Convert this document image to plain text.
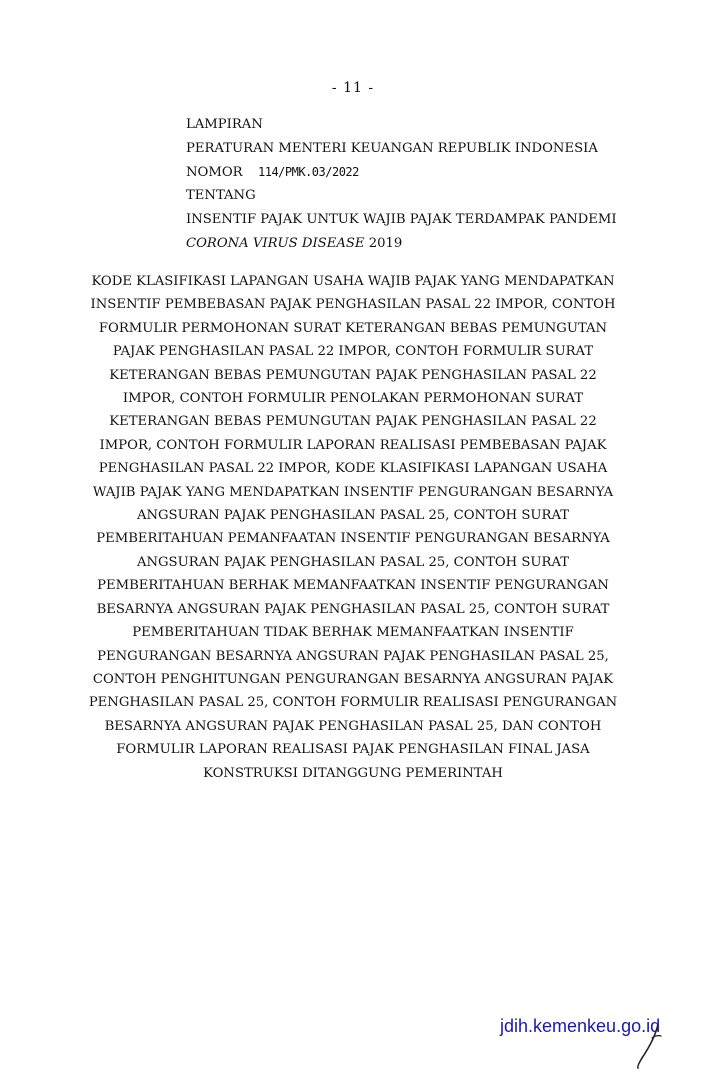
- 11 -
LAMPIRAN
PERATURAN MENTERI KEUANGAN REPUBLIK INDONESIA
NOMOR 114/PMK.03/2022
TENTANG
INSENTIF PAJAK UNTUK WAJIB PAJAK TERDAMPAK PANDEMI
CORONA VIRUS DISEASE 2019
KODE KLASIFIKASI LAPANGAN USAHA WAJIB PAJAK YANG MENDAPATKAN
INSENTIF PEMBEBASAN PAJAK PENGHASILAN PASAL 22 IMPOR, CONTOH
FORMULIR PERMOHONAN SURAT KETERANGAN BEBAS PEMUNGUTAN
PAJAK PENGHASILAN PASAL 22 IMPOR, CONTOH FORMULIR SURAT
KETERANGAN BEBAS PEMUNGUTAN PAJAK PENGHASILAN PASAL 22
IMPOR, CONTOH FORMULIR PENOLAKAN PERMOHONAN SURAT
KETERANGAN BEBAS PEMUNGUTAN PAJAK PENGHASILAN PASAL 22
IMPOR, CONTOH FORMULIR LAPORAN REALISASI PEMBEBASAN PAJAK
PENGHASILAN PASAL 22 IMPOR, KODE KLASIFIKASI LAPANGAN USAHA
WAJIB PAJAK YANG MENDAPATKAN INSENTIF PENGURANGAN BESARNYA
ANGSURAN PAJAK PENGHASILAN PASAL 25, CONTOH SURAT
PEMBERITAHUAN PEMANFAATAN INSENTIF PENGURANGAN BESARNYA
ANGSURAN PAJAK PENGHASILAN PASAL 25, CONTOH SURAT
PEMBERITAHUAN BERHAK MEMANFAATKAN INSENTIF PENGURANGAN
BESARNYA ANGSURAN PAJAK PENGHASILAN PASAL 25, CONTOH SURAT
PEMBERITAHUAN TIDAK BERHAK MEMANFAATKAN INSENTIF
PENGURANGAN BESARNYA ANGSURAN PAJAK PENGHASILAN PASAL 25,
CONTOH PENGHITUNGAN PENGURANGAN BESARNYA ANGSURAN PAJAK
PENGHASILAN PASAL 25, CONTOH FORMULIR REALISASI PENGURANGAN
BESARNYA ANGSURAN PAJAK PENGHASILAN PASAL 25, DAN CONTOH
FORMULIR LAPORAN REALISASI PAJAK PENGHASILAN FINAL JASA
KONSTRUKSI DITANGGUNG PEMERINTAH
jdih.kemenkeu.go.id
